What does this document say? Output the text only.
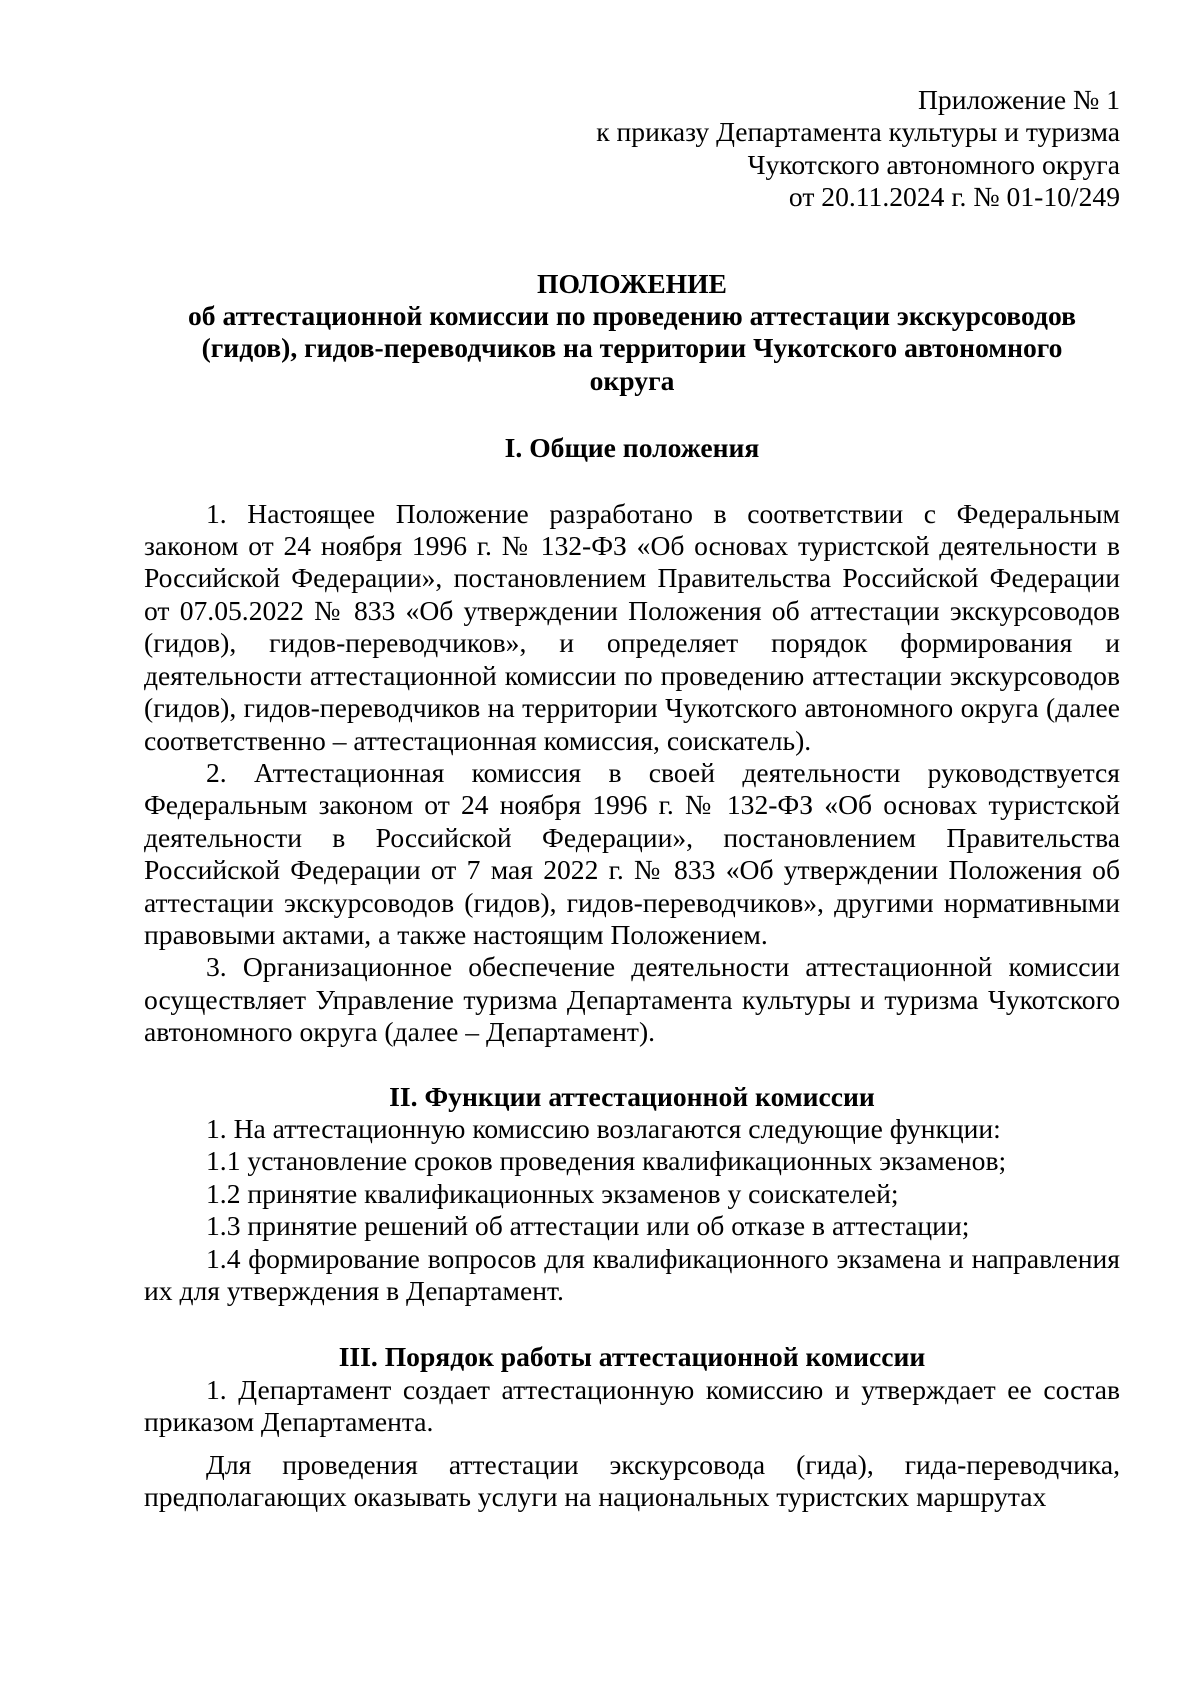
Приложение № 1
к приказу Департамента культуры и туризма
Чукотского автономного округа
от 20.11.2024 г. № 01-10/249
ПОЛОЖЕНИЕ
об аттестационной комиссии по проведению аттестации экскурсоводов
(гидов), гидов-переводчиков на территории Чукотского автономного
округа
I. Общие положения

1. Настоящее Положение разработано в соответствии с Федеральным законом от 24 ноября 1996 г. № 132-ФЗ «Об основах туристской деятельности в Российской Федерации», постановлением Правительства Российской Федерации от 07.05.2022 № 833 «Об утверждении Положения об аттестации экскурсоводов (гидов), гидов-переводчиков», и определяет порядок формирования и деятельности аттестационной комиссии по проведению аттестации экскурсоводов (гидов), гидов-переводчиков на территории Чукотского автономного округа (далее соответственно – аттестационная комиссия, соискатель).

2. Аттестационная комиссия в своей деятельности руководствуется Федеральным законом от 24 ноября 1996 г. № 132-ФЗ «Об основах туристской деятельности в Российской Федерации», постановлением Правительства Российской Федерации от 7 мая 2022 г. № 833 «Об утверждении Положения об аттестации экскурсоводов (гидов), гидов-переводчиков», другими нормативными правовыми актами, а также настоящим Положением.

3. Организационное обеспечение деятельности аттестационной комиссии осуществляет Управление туризма Департамента культуры и туризма Чукотского автономного округа (далее – Департамент).

II. Функции аттестационной комиссии

1. На аттестационную комиссию возлагаются следующие функции:

1.1 установление сроков проведения квалификационных экзаменов;

1.2 принятие квалификационных экзаменов у соискателей;

1.3 принятие решений об аттестации или об отказе в аттестации;

1.4 формирование вопросов для квалификационного экзамена и направления их для утверждения в Департамент.

III. Порядок работы аттестационной комиссии

1. Департамент создает аттестационную комиссию и утверждает ее состав приказом Департамента.

Для проведения аттестации экскурсовода (гида), гида-переводчика, предполагающих оказывать услуги на национальных туристских маршрутах
